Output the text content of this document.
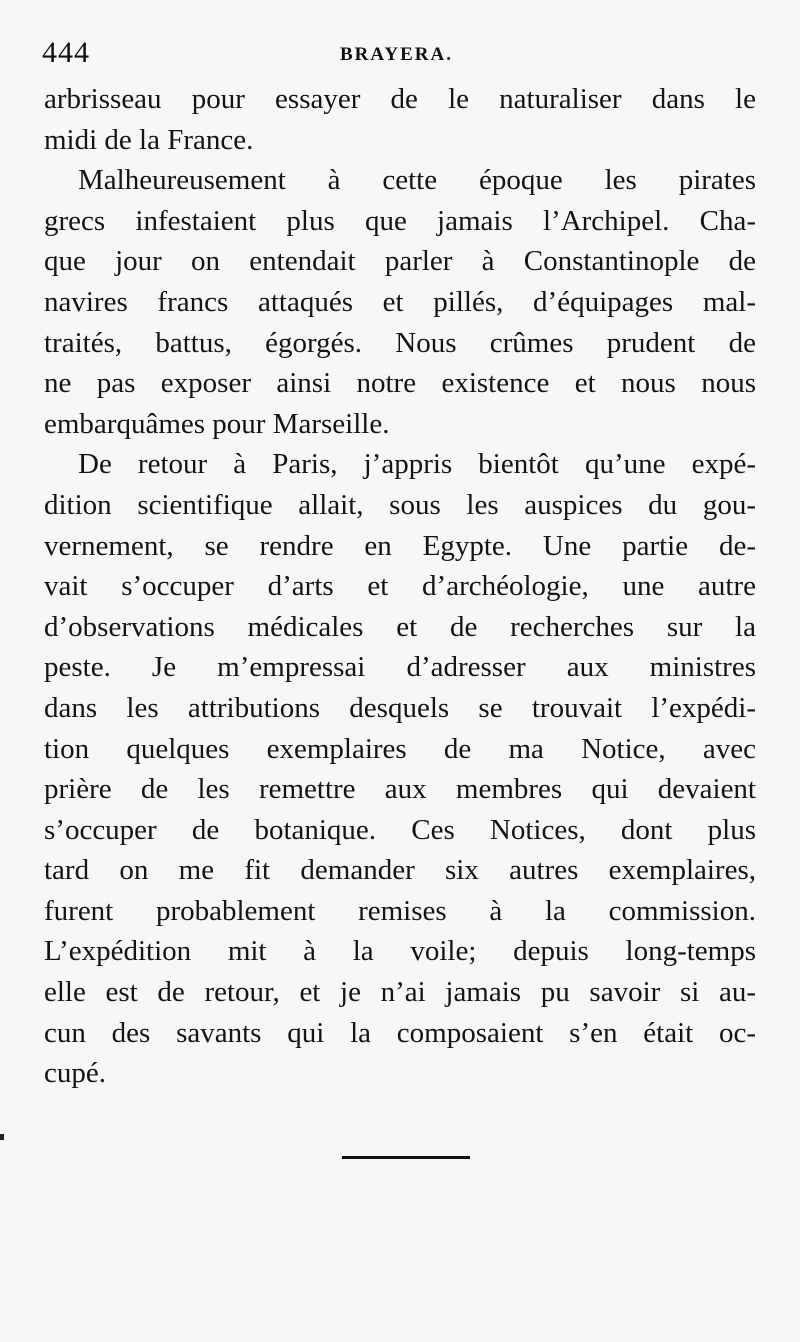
444	BRAYERA.
arbrisseau pour essayer de le naturaliser dans le
midi de la France.
Malheureusement à cette époque les pirates
grecs infestaient plus que jamais l’Archipel. Cha-
que jour on entendait parler à Constantinople de
navires francs attaqués et pillés, d’équipages mal-
traités, battus, égorgés. Nous crûmes prudent de
ne pas exposer ainsi notre existence et nous nous
embarquâmes pour Marseille.
De retour à Paris, j’appris bientôt qu’une expé-
dition scientifique allait, sous les auspices du gou-
vernement, se rendre en Egypte. Une partie de-
vait s’occuper d’arts et d’archéologie, une autre
d’observations médicales et de recherches sur la
peste. Je m’empressai d’adresser aux ministres
dans les attributions desquels se trouvait l’expédi-
tion quelques exemplaires de ma Notice, avec
prière de les remettre aux membres qui devaient
s’occuper de botanique. Ces Notices, dont plus
tard on me fit demander six autres exemplaires,
furent probablement remises à la commission.
L’expédition mit à la voile; depuis long-temps
elle est de retour, et je n’ai jamais pu savoir si au-
cun des savants qui la composaient s’en était oc-
cupé.
